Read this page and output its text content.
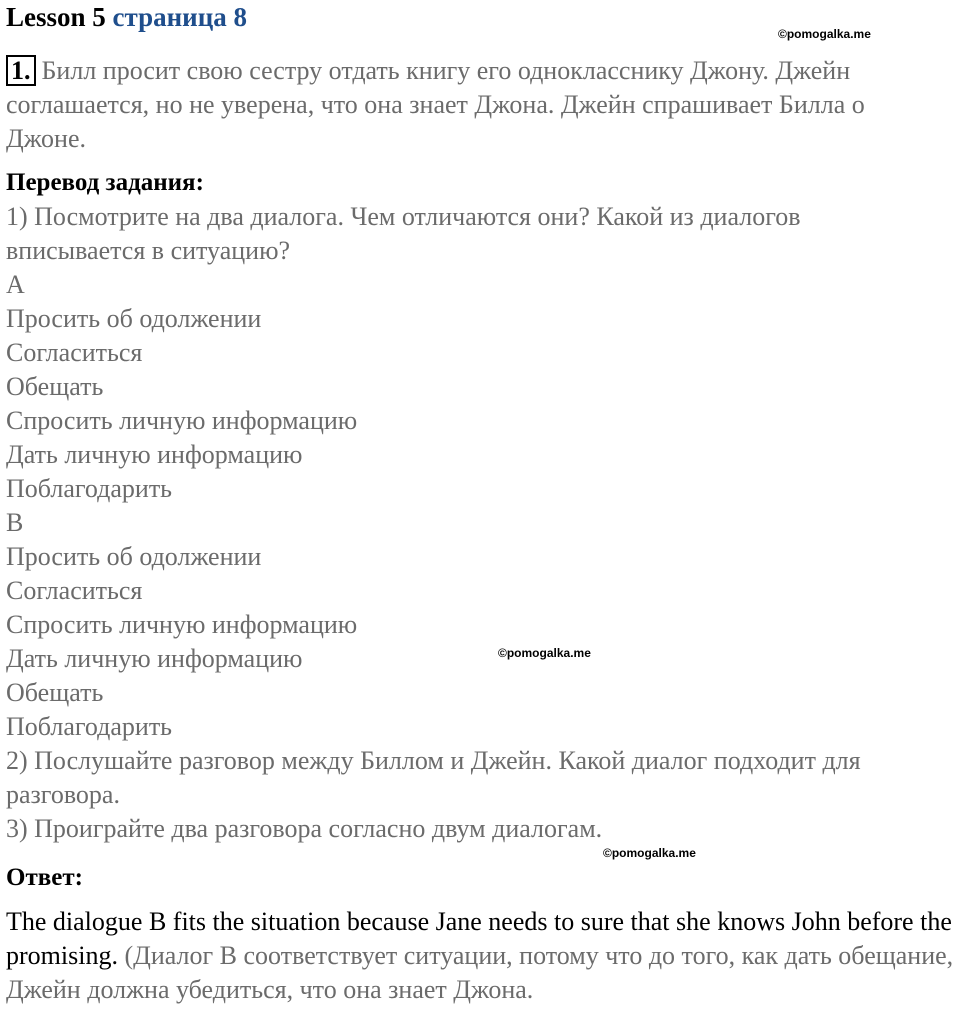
Lesson 5 страница 8
©pomogalka.me
1. Билл просит свою сестру отдать книгу его однокласснику Джону. Джейн соглашается, но не уверена, что она знает Джона. Джейн спрашивает Билла о Джоне.
Перевод задания:
1) Посмотрите на два диалога. Чем отличаются они? Какой из диалогов вписывается в ситуацию?
A
Просить об одолжении
Согласиться
Обещать
Спросить личную информацию
Дать личную информацию
Поблагодарить
B
Просить об одолжении
Согласиться
Спросить личную информацию
Дать личную информацию
Обещать
Поблагодарить
2) Послушайте разговор между Биллом и Джейн. Какой диалог подходит для разговора.
3) Проиграйте два разговора согласно двум диалогам.
©pomogalka.me
©pomogalka.me
Ответ:
The dialogue B fits the situation because Jane needs to sure that she knows John before the promising. (Диалог B соответствует ситуации, потому что до того, как дать обещание, Джейн должна убедиться, что она знает Джона.
